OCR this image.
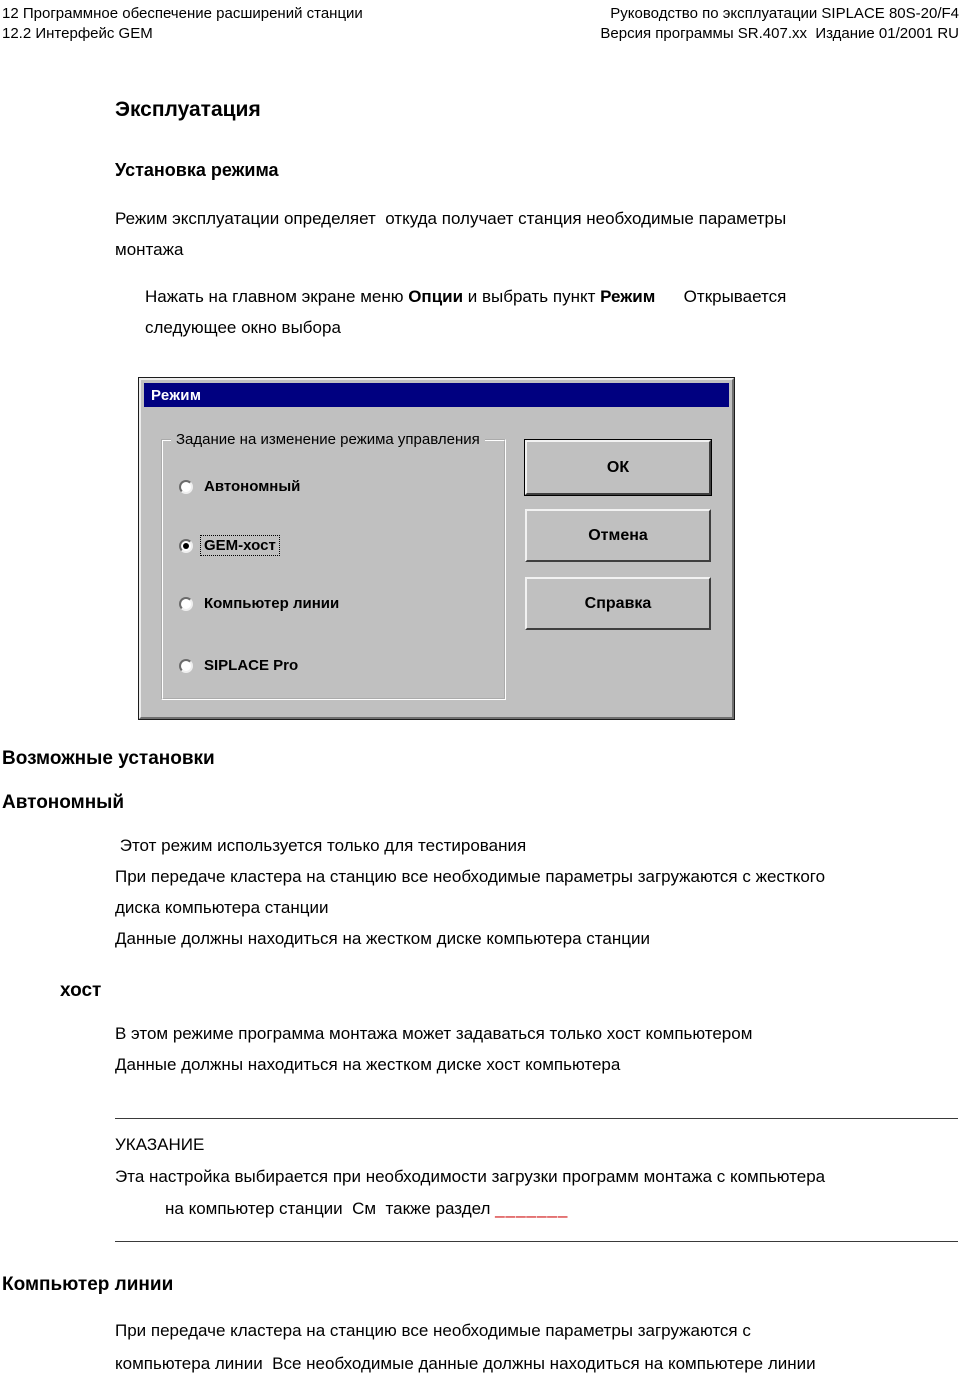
12 Программное обеспечение расширений станции
12.2 Интерфейс GEM
Руководство по эксплуатации SIPLACE 80S-20/F4
Версия программы SR.407.xx  Издание 01/2001 RU
Эксплуатация
Установка режима
Режим эксплуатации определяет  откуда получает станция необходимые параметры
монтажа
Нажать на главном экране меню Опции и выбрать пункт Режим      Открывается
следующее окно выбора
Режим
Задание на изменение режима управления
Автономный
GEM-хост
Компьютер линии
SIPLACE Pro
ОК
Отмена
Справка
Возможные установки
Автономный
Этот режим используется только для тестирования
При передаче кластера на станцию все необходимые параметры загружаются с жесткого
диска компьютера станции
Данные должны находиться на жестком диске компьютера станции
хост
В этом режиме программа монтажа может задаваться только хост компьютером
Данные должны находиться на жестком диске хост компьютера
УКАЗАНИЕ
Эта настройка выбирается при необходимости загрузки программ монтажа с компьютера
на компьютер станции  См  также раздел _______
Компьютер линии
При передаче кластера на станцию все необходимые параметры загружаются с
компьютера линии  Все необходимые данные должны находиться на компьютере линии
